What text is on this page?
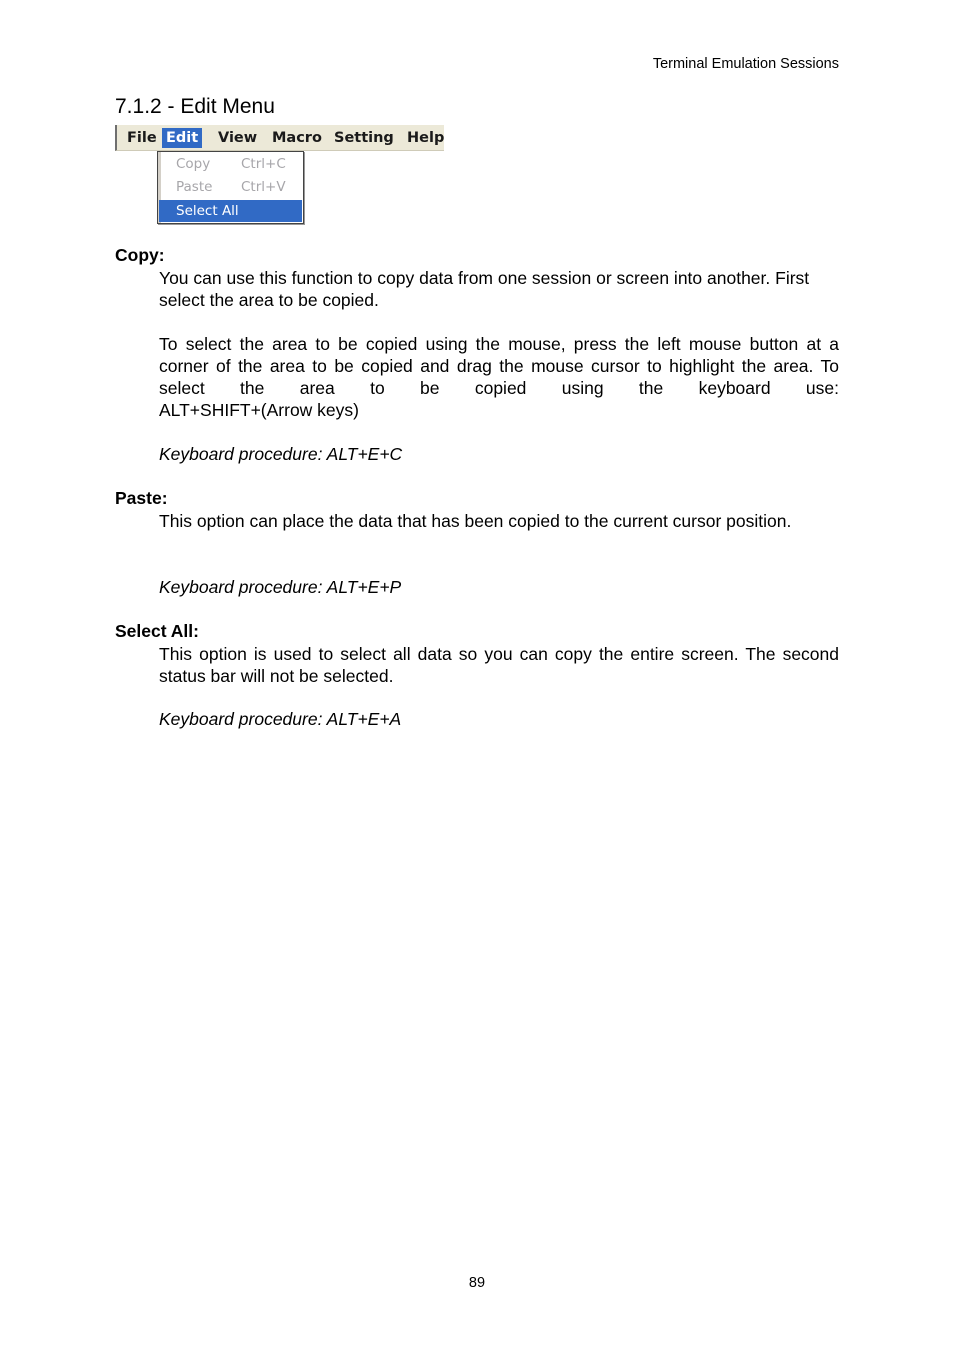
Terminal Emulation Sessions
7.1.2 - Edit Menu
File Edit View Macro Setting Help
Copy Ctrl+C
Paste Ctrl+V
Select All
Copy:

You can use this function to copy data from one session or screen into another. First select the area to be copied.

To select the area to be copied using the mouse, press the left mouse button at a corner of the area to be copied and drag the mouse cursor to highlight the area. To select the area to be copied using the keyboard use:
ALT+SHIFT+(Arrow keys)

Keyboard procedure: ALT+E+C
Paste:

This option can place the data that has been copied to the current cursor position.

Keyboard procedure: ALT+E+P
Select All:

This option is used to select all data so you can copy the entire screen. The second status bar will not be selected.

Keyboard procedure: ALT+E+A
89
